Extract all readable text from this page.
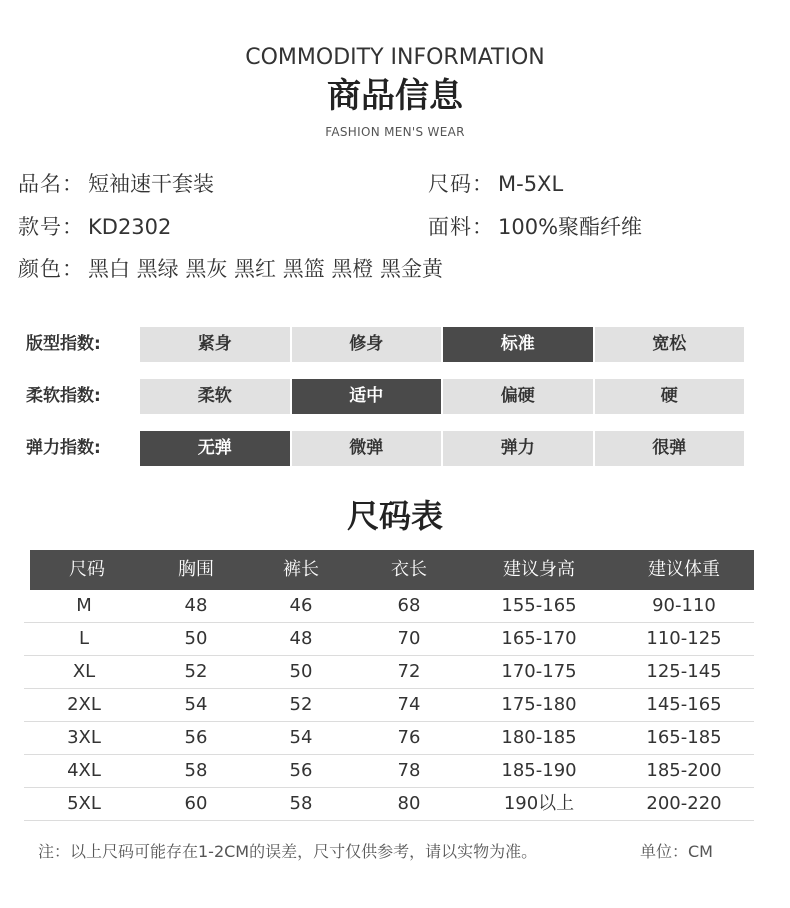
COMMODITY INFORMATION
商品信息
FASHION MEN'S WEAR
品名： 短袖速干套装	尺码： M-5XL
款号： KD2302	面料： 100%聚酯纤维
颜色： 黑白 黑绿 黑灰 黑红 黑篮 黑橙 黑金黄
版型指数:	紧身	修身	标准	宽松
柔软指数:	柔软	适中	偏硬	硬
弹力指数:	无弹	微弹	弹力	很弹
尺码表
尺码	胸围	裤长	衣长	建议身高	建议体重
M	48	46	68	155-165	90-110
L	50	48	70	165-170	110-125
XL	52	50	72	170-175	125-145
2XL	54	52	74	175-180	145-165
3XL	56	54	76	180-185	165-185
4XL	58	56	78	185-190	185-200
5XL	60	58	80	190以上	200-220
注：以上尺码可能存在1-2CM的误差，尺寸仅供参考，请以实物为准。	单位：CM
